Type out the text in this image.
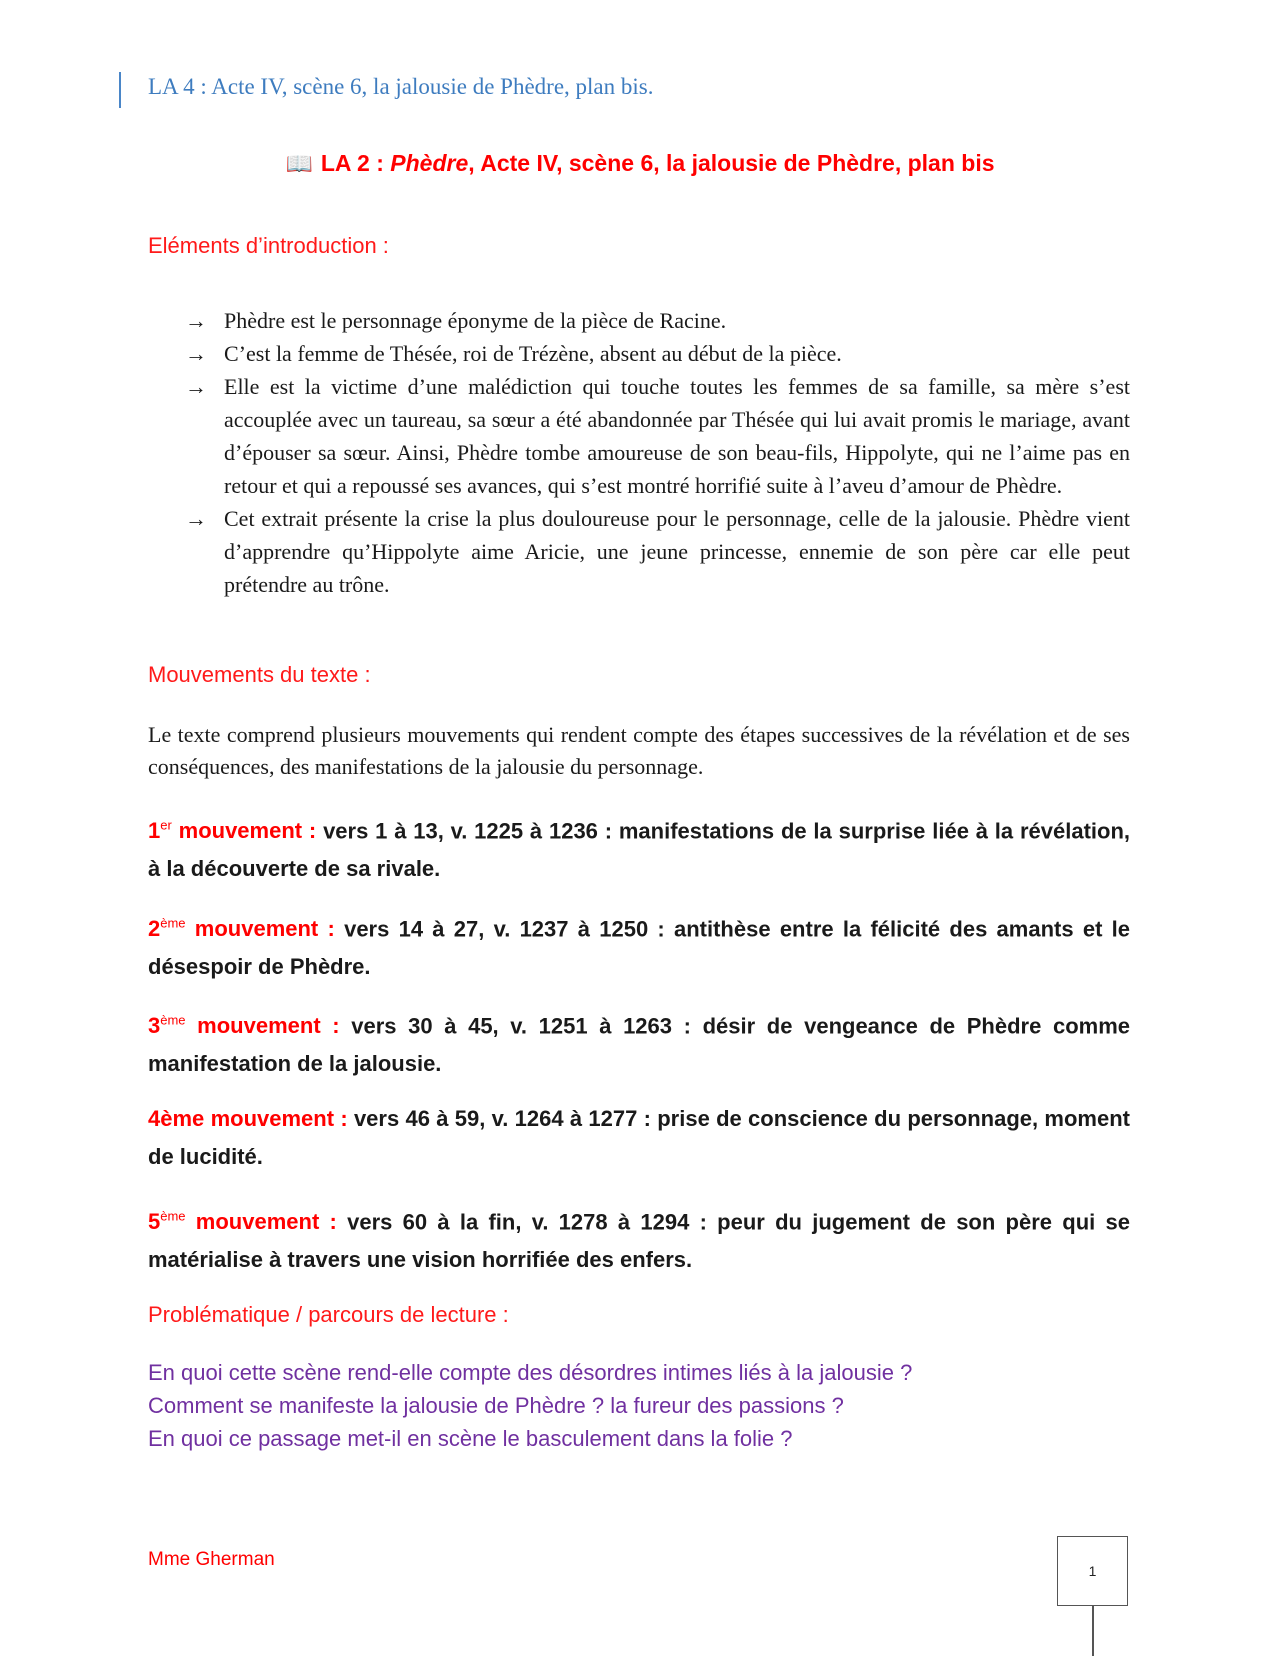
LA 4 : Acte IV, scène 6, la jalousie de Phèdre, plan bis.
📖 LA 2 : Phèdre, Acte IV, scène 6, la jalousie de Phèdre, plan bis
Eléments d’introduction :
→ Phèdre est le personnage éponyme de la pièce de Racine.
→ C’est la femme de Thésée, roi de Trézène, absent au début de la pièce.
→ Elle est la victime d’une malédiction qui touche toutes les femmes de sa famille, sa mère s’est accouplée avec un taureau, sa sœur a été abandonnée par Thésée qui lui avait promis le mariage, avant d’épouser sa sœur. Ainsi, Phèdre tombe amoureuse de son beau-fils, Hippolyte, qui ne l’aime pas en retour et qui a repoussé ses avances, qui s’est montré horrifié suite à l’aveu d’amour de Phèdre.
→ Cet extrait présente la crise la plus douloureuse pour le personnage, celle de la jalousie. Phèdre vient d’apprendre qu’Hippolyte aime Aricie, une jeune princesse, ennemie de son père car elle peut prétendre au trône.
Mouvements du texte :
Le texte comprend plusieurs mouvements qui rendent compte des étapes successives de la révélation et de ses conséquences, des manifestations de la jalousie du personnage.
1er mouvement : vers 1 à 13, v. 1225 à 1236 : manifestations de la surprise liée à la révélation, à la découverte de sa rivale.
2ème mouvement : vers 14 à 27, v. 1237 à 1250 : antithèse entre la félicité des amants et le désespoir de Phèdre.
3ème mouvement : vers 30 à 45, v. 1251 à 1263 : désir de vengeance de Phèdre comme manifestation de la jalousie.
4ème mouvement : vers 46 à 59, v. 1264 à 1277 : prise de conscience du personnage, moment de lucidité.
5ème mouvement : vers 60 à la fin, v. 1278 à 1294 : peur du jugement de son père qui se matérialise à travers une vision horrifiée des enfers.
Problématique / parcours de lecture :
En quoi cette scène rend-elle compte des désordres intimes liés à la jalousie ?
Comment se manifeste la jalousie de Phèdre ? la fureur des passions ?
En quoi ce passage met-il en scène le basculement dans la folie ?
Mme Gherman
1
